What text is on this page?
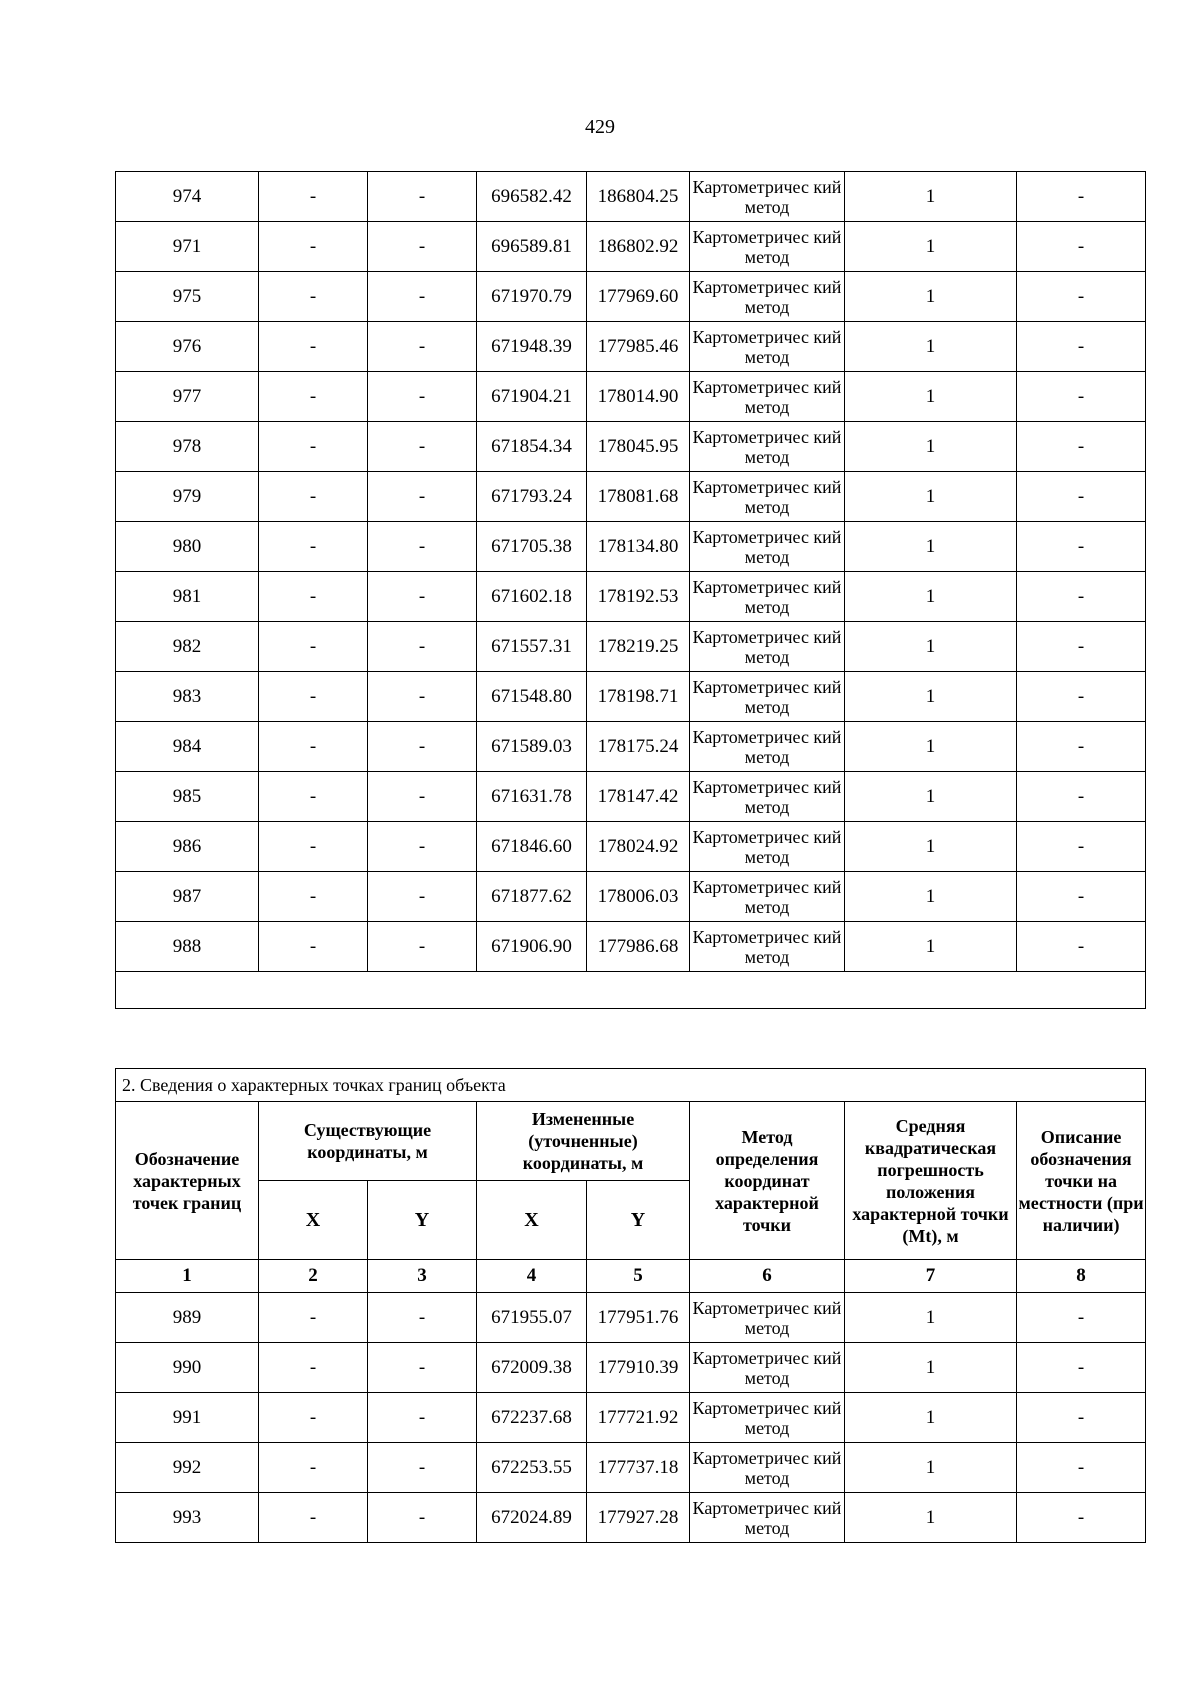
429
974	-	-	696582.42	186804.25	Картометричес кий метод	1	-
971	-	-	696589.81	186802.92	Картометричес кий метод	1	-
975	-	-	671970.79	177969.60	Картометричес кий метод	1	-
976	-	-	671948.39	177985.46	Картометричес кий метод	1	-
977	-	-	671904.21	178014.90	Картометричес кий метод	1	-
978	-	-	671854.34	178045.95	Картометричес кий метод	1	-
979	-	-	671793.24	178081.68	Картометричес кий метод	1	-
980	-	-	671705.38	178134.80	Картометричес кий метод	1	-
981	-	-	671602.18	178192.53	Картометричес кий метод	1	-
982	-	-	671557.31	178219.25	Картометричес кий метод	1	-
983	-	-	671548.80	178198.71	Картометричес кий метод	1	-
984	-	-	671589.03	178175.24	Картометричес кий метод	1	-
985	-	-	671631.78	178147.42	Картометричес кий метод	1	-
986	-	-	671846.60	178024.92	Картометричес кий метод	1	-
987	-	-	671877.62	178006.03	Картометричес кий метод	1	-
988	-	-	671906.90	177986.68	Картометричес кий метод	1	-

2. Сведения о характерных точках границ объекта							
Обозначение характерных точек границ	Существующие координаты, м		Измененные (уточненные) координаты, м		Метод определения координат характерной точки	Средняя квадратическая погрешность положения характерной точки (Mt), м	Описание обозначения точки на местности (при наличии)
	X	Y	X	Y			
1	2	3	4	5	6	7	8
989	-	-	671955.07	177951.76	Картометричес кий метод	1	-
990	-	-	672009.38	177910.39	Картометричес кий метод	1	-
991	-	-	672237.68	177721.92	Картометричес кий метод	1	-
992	-	-	672253.55	177737.18	Картометричес кий метод	1	-
993	-	-	672024.89	177927.28	Картометричес кий метод	1	-
